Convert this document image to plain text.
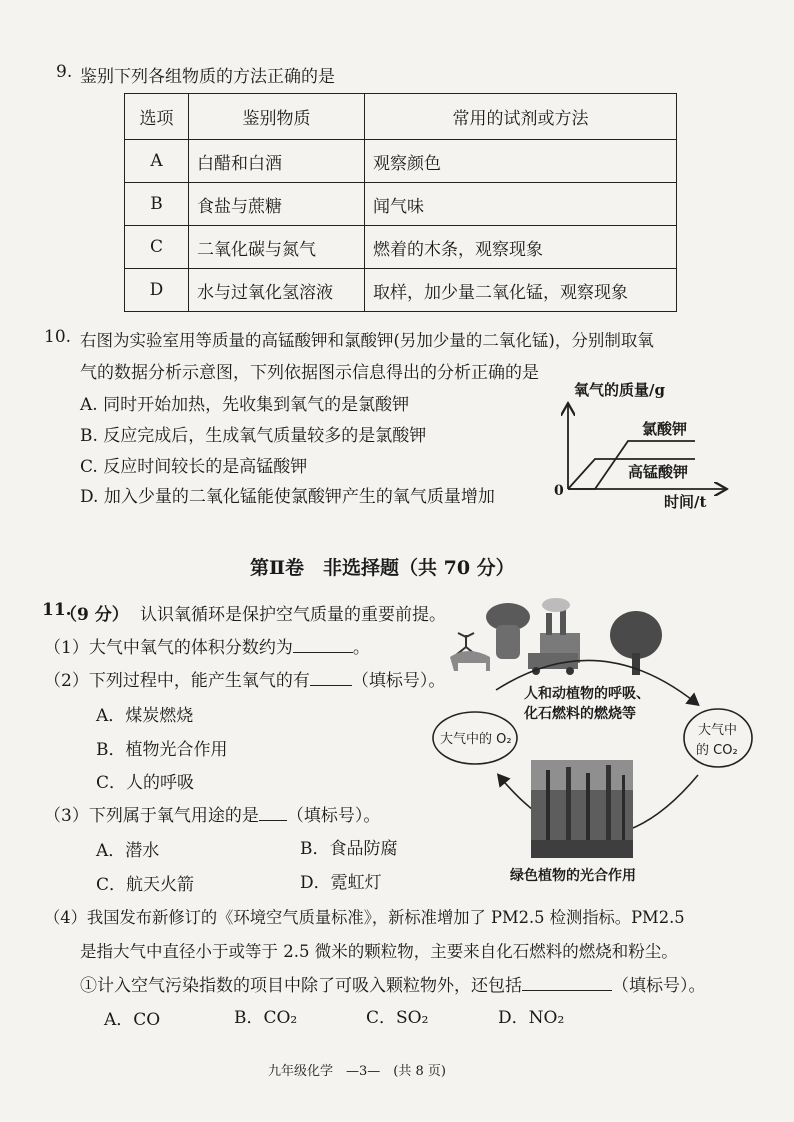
9. 鉴别下列各组物质的方法正确的是
选项	鉴别物质	常用的试剂或方法
A	白醋和白酒	观察颜色
B	食盐与蔗糖	闻气味
C	二氧化碳与氮气	燃着的木条，观察现象
D	水与过氧化氢溶液	取样，加少量二氧化锰，观察现象
10. 右图为实验室用等质量的高锰酸钾和氯酸钾(另加少量的二氧化锰)，分别制取氧
气的数据分析示意图，下列依据图示信息得出的分析正确的是
A. 同时开始加热，先收集到氧气的是氯酸钾
B. 反应完成后，生成氧气质量较多的是氯酸钾
C. 反应时间较长的是高锰酸钾
D. 加入少量的二氧化锰能使氯酸钾产生的氧气质量增加
氧气的质量/g
0
时间/t
氯酸钾
高锰酸钾
第Ⅱ卷　非选择题（共 70 分）
11.
（9 分） 认识氧循环是保护空气质量的重要前提。
（1）大气中氧气的体积分数约为	。
（2）下列过程中，能产生氧气的有 （填标号）。
A．煤炭燃烧
B．植物光合作用
C．人的呼吸
（3）下列属于氧气用途的是 （填标号）。
A．潜水	B．食品防腐
C．航天火箭	D．霓虹灯
人和动植物的呼吸、
化石燃料的燃烧等
大气中的 O₂
大气中
的 CO₂
绿色植物的光合作用
（4）我国发布新修订的《环境空气质量标准》，新标准增加了 PM2.5 检测指标。PM2.5
是指大气中直径小于或等于 2.5 微米的颗粒物，主要来自化石燃料的燃烧和粉尘。
①计入空气污染指数的项目中除了可吸入颗粒物外，还包括	（填标号）。
A．CO	B．CO₂	C．SO₂	D．NO₂
九年级化学　—3—　(共 8 页)
